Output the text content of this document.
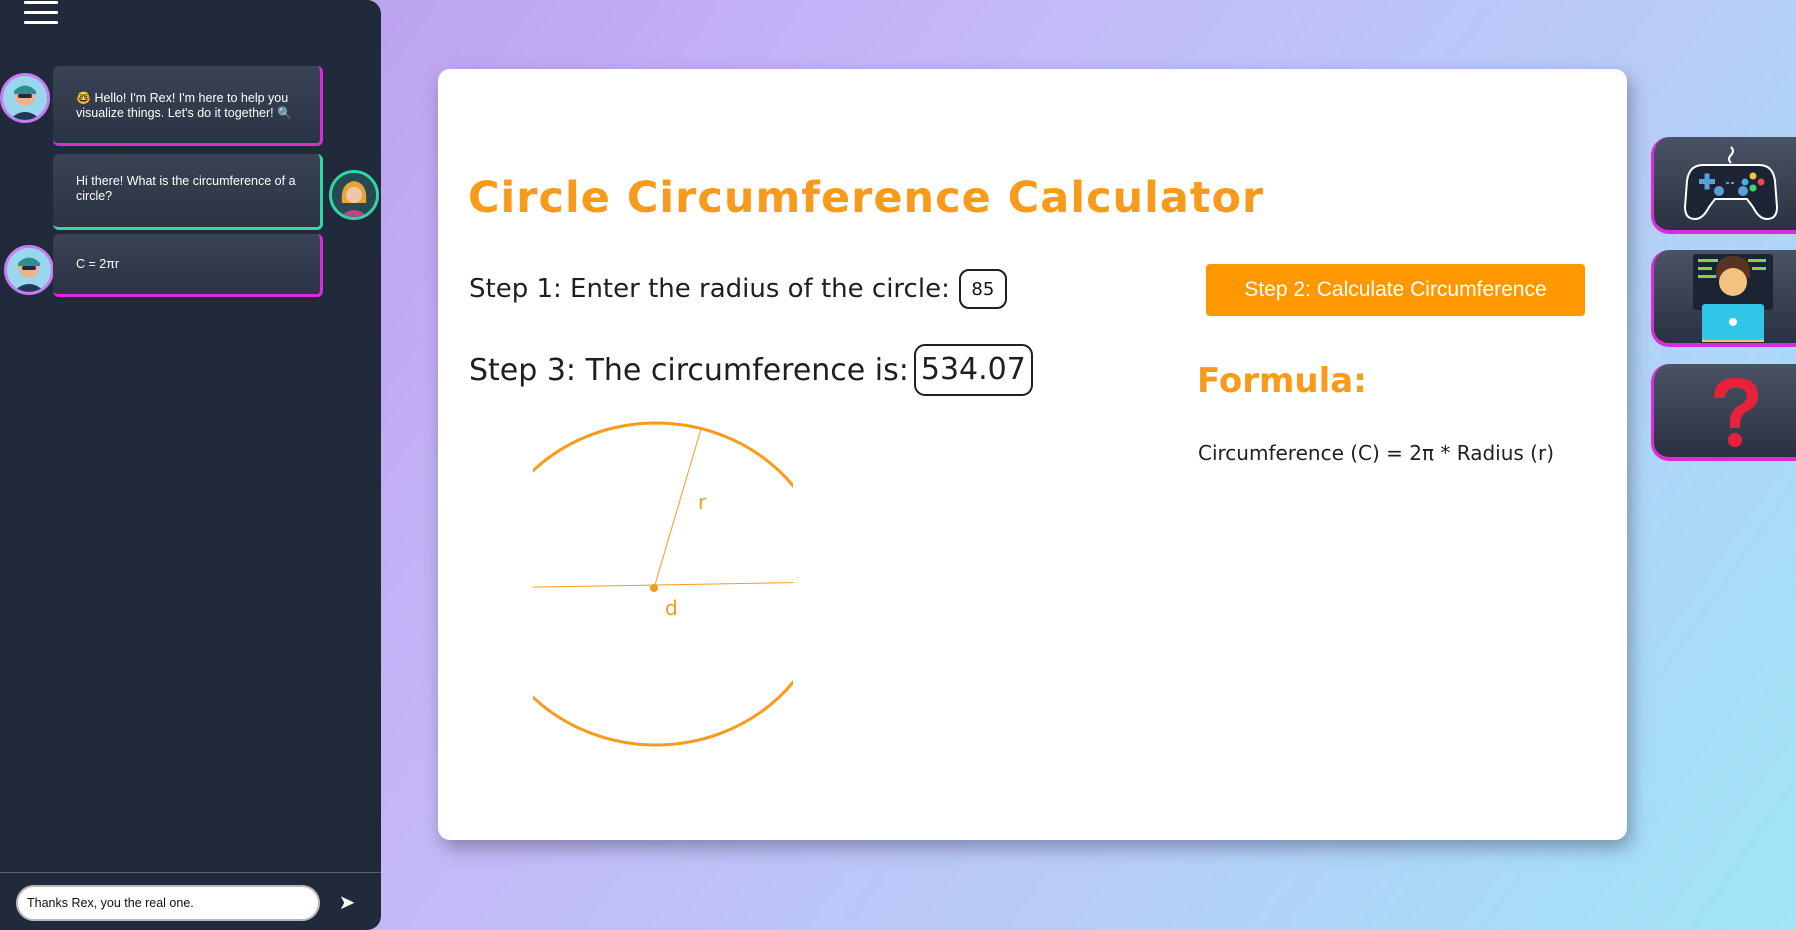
🤓 Hello! I'm Rex! I'm here to help you visualize things. Let's do it together! 🔍
Hi there! What is the circumference of a circle?
C = 2πr
Thanks Rex, you the real one.
➤
Circle Circumference Calculator
Step 1: Enter the radius of the circle:
85	Step 2: Calculate Circumference
Step 3: The circumference is: 534.07	Formula:
Circumference (C) = 2π * Radius (r)
r
d
